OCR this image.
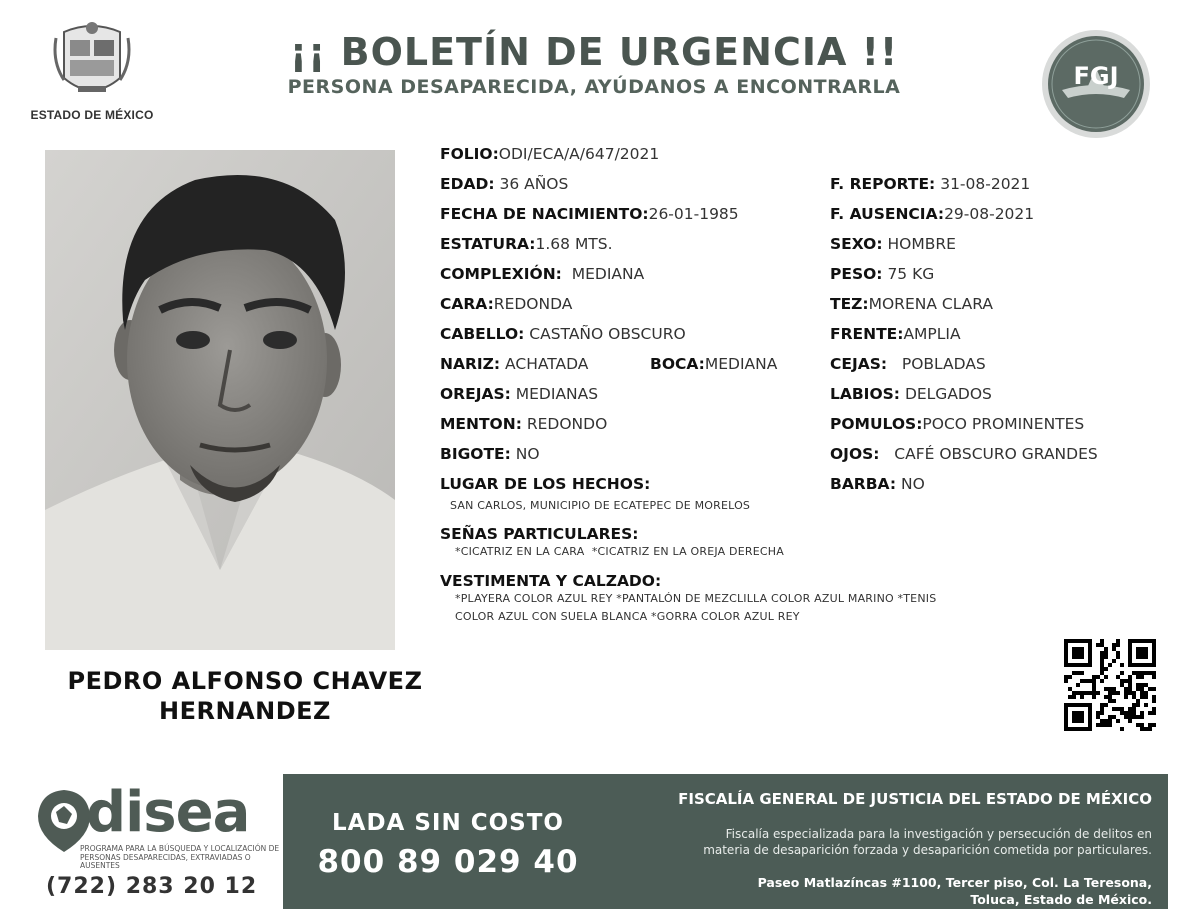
ESTADO DE MÉXICO
¡¡ BOLETÍN DE URGENCIA !!
PERSONA DESAPARECIDA, AYÚDANOS A ENCONTRARLA	FGJ
PEDRO ALFONSO CHAVEZ
HERNANDEZ
FOLIO:ODI/ECA/A/647/2021
EDAD: 36 AÑOS
FECHA DE NACIMIENTO:26-01-1985
ESTATURA:1.68 MTS.
COMPLEXIÓN: MEDIANA
CARA:REDONDA
CABELLO: CASTAÑO OBSCURO
NARIZ: ACHATADA	BOCA:MEDIANA
OREJAS: MEDIANAS
MENTON: REDONDO
BIGOTE: NO
F. REPORTE: 31-08-2021
F. AUSENCIA:29-08-2021
SEXO: HOMBRE
PESO: 75 KG
TEZ:MORENA CLARA
FRENTE:AMPLIA
CEJAS: POBLADAS
LABIOS: DELGADOS
POMULOS:POCO PROMINENTES
OJOS: CAFÉ OBSCURO GRANDES
BARBA: NO
LUGAR DE LOS HECHOS:
SAN CARLOS, MUNICIPIO DE ECATEPEC DE MORELOS
SEÑAS PARTICULARES:
*CICATRIZ EN LA CARA  *CICATRIZ EN LA OREJA DERECHA
VESTIMENTA Y CALZADO:
*PLAYERA COLOR AZUL REY *PANTALÓN DE MEZCLILLA COLOR AZUL MARINO *TENIS
COLOR AZUL CON SUELA BLANCA *GORRA COLOR AZUL REY
disea
PROGRAMA PARA LA BÚSQUEDA Y LOCALIZACIÓN DE PERSONAS DESAPARECIDAS, EXTRAVIADAS O AUSENTES
(722) 283 20 12
LADA SIN COSTO
800 89 029 40
FISCALÍA GENERAL DE JUSTICIA DEL ESTADO DE MÉXICO
Fiscalía especializada para la investigación y persecución de delitos en
materia de desaparición forzada y desaparición cometida por particulares.
Paseo Matlazíncas #1100, Tercer piso, Col. La Teresona,
Toluca, Estado de México.
